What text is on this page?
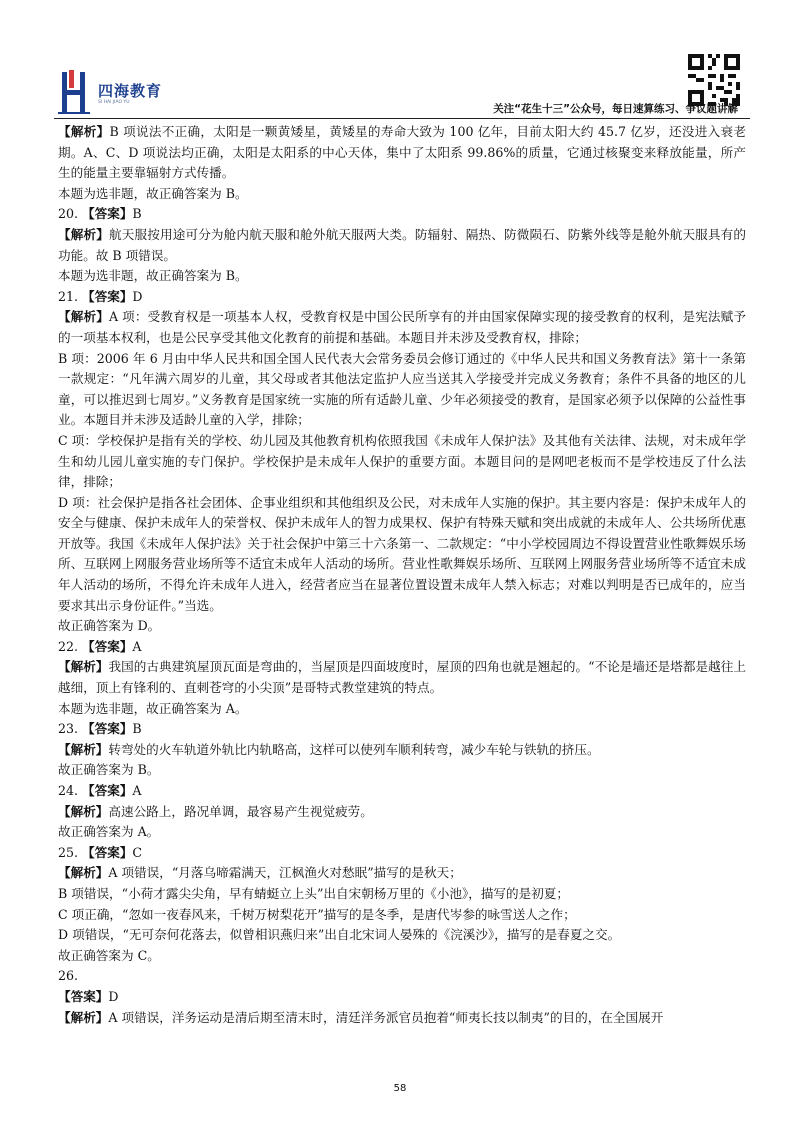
四海教育
SI HAI JIAO YU
关注“花生十三”公众号，每日速算练习、争议题讲解

【解析】B 项说法不正确，太阳是一颗黄矮星，黄矮星的寿命大致为 100 亿年，目前太阳大约 45.7 亿岁，还没进入衰老期。A、C、D 项说法均正确，太阳是太阳系的中心天体，集中了太阳系 99.86%的质量，它通过核聚变来释放能量，所产生的能量主要靠辐射方式传播。

本题为选非题，故正确答案为 B。

20. 【答案】B

【解析】航天服按用途可分为舱内航天服和舱外航天服两大类。防辐射、隔热、防微陨石、防紫外线等是舱外航天服具有的功能。故 B 项错误。

本题为选非题，故正确答案为 B。

21. 【答案】D

【解析】A 项：受教育权是一项基本人权，受教育权是中国公民所享有的并由国家保障实现的接受教育的权利，是宪法赋予的一项基本权利，也是公民享受其他文化教育的前提和基础。本题目并未涉及受教育权，排除；

B 项：2006 年 6 月由中华人民共和国全国人民代表大会常务委员会修订通过的《中华人民共和国义务教育法》第十一条第一款规定：“凡年满六周岁的儿童，其父母或者其他法定监护人应当送其入学接受并完成义务教育；条件不具备的地区的儿童，可以推迟到七周岁。”义务教育是国家统一实施的所有适龄儿童、少年必须接受的教育，是国家必须予以保障的公益性事业。本题目并未涉及适龄儿童的入学，排除；

C 项：学校保护是指有关的学校、幼儿园及其他教育机构依照我国《未成年人保护法》及其他有关法律、法规，对未成年学生和幼儿园儿童实施的专门保护。学校保护是未成年人保护的重要方面。本题目问的是网吧老板而不是学校违反了什么法律，排除；

D 项：社会保护是指各社会团体、企事业组织和其他组织及公民，对未成年人实施的保护。其主要内容是：保护未成年人的安全与健康、保护未成年人的荣誉权、保护未成年人的智力成果权、保护有特殊天赋和突出成就的未成年人、公共场所优惠开放等。我国《未成年人保护法》关于社会保护中第三十六条第一、二款规定：“中小学校园周边不得设置营业性歌舞娱乐场所、互联网上网服务营业场所等不适宜未成年人活动的场所。营业性歌舞娱乐场所、互联网上网服务营业场所等不适宜未成年人活动的场所，不得允许未成年人进入，经营者应当在显著位置设置未成年人禁入标志；对难以判明是否已成年的，应当要求其出示身份证件。”当选。

故正确答案为 D。

22. 【答案】A

【解析】我国的古典建筑屋顶瓦面是弯曲的，当屋顶是四面坡度时，屋顶的四角也就是翘起的。“不论是墙还是塔都是越往上越细，顶上有锋利的、直刺苍穹的小尖顶”是哥特式教堂建筑的特点。

本题为选非题，故正确答案为 A。

23. 【答案】B

【解析】转弯处的火车轨道外轨比内轨略高，这样可以使列车顺利转弯，减少车轮与铁轨的挤压。

故正确答案为 B。

24. 【答案】A

【解析】高速公路上，路况单调，最容易产生视觉疲劳。

故正确答案为 A。

25. 【答案】C

【解析】A 项错误，“月落乌啼霜满天，江枫渔火对愁眠”描写的是秋天；

B 项错误，“小荷才露尖尖角，早有蜻蜓立上头”出自宋朝杨万里的《小池》，描写的是初夏；

C 项正确，“忽如一夜春风来，千树万树梨花开”描写的是冬季，是唐代岑参的咏雪送人之作；

D 项错误，“无可奈何花落去，似曾相识燕归来”出自北宋词人晏殊的《浣溪沙》，描写的是春夏之交。

故正确答案为 C。

26.

【答案】D

【解析】A 项错误，洋务运动是清后期至清末时，清廷洋务派官员抱着“师夷长技以制夷”的目的，在全国展开

58
